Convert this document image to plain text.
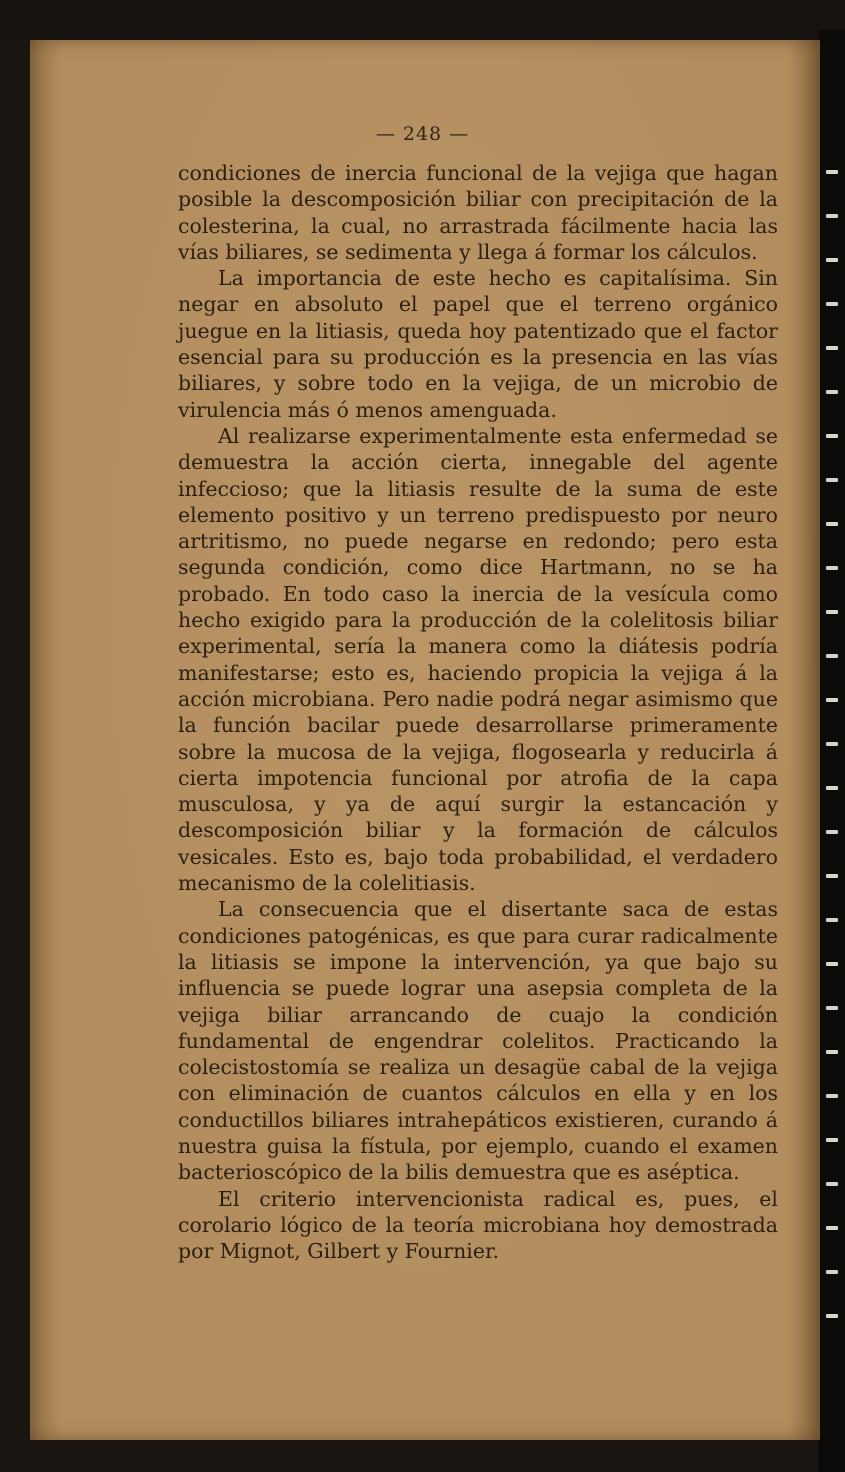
— 248 —

condiciones de inercia funcional de la vejiga que hagan posible la descomposición biliar con precipitación de la colesterina, la cual, no arrastrada fácilmente hacia las vías biliares, se sedimenta y llega á formar los cálculos.

La importancia de este hecho es capitalísima. Sin negar en absoluto el papel que el terreno orgánico juegue en la litiasis, queda hoy patentizado que el factor esencial para su producción es la presencia en las vías biliares, y sobre todo en la vejiga, de un microbio de virulencia más ó menos amenguada.

Al realizarse experimentalmente esta enfermedad se demuestra la acción cierta, innegable del agente infeccioso; que la litiasis resulte de la suma de este elemento positivo y un terreno predispuesto por neuro artritismo, no puede negarse en redondo; pero esta segunda condición, como dice Hartmann, no se ha probado. En todo caso la inercia de la vesícula como hecho exigido para la producción de la colelitosis biliar experimental, sería la manera como la diátesis podría manifestarse; esto es, haciendo propicia la vejiga á la acción microbiana. Pero nadie podrá negar asimismo que la función bacilar puede desarrollarse primeramente sobre la mucosa de la vejiga, flogosearla y reducirla á cierta impotencia funcional por atrofia de la capa musculosa, y ya de aquí surgir la estancación y descomposición biliar y la formación de cálculos vesicales. Esto es, bajo toda probabilidad, el verdadero mecanismo de la colelitiasis.

La consecuencia que el disertante saca de estas condiciones patogénicas, es que para curar radicalmente la litiasis se impone la intervención, ya que bajo su influencia se puede lograr una asepsia completa de la vejiga biliar arrancando de cuajo la condición fundamental de engendrar colelitos. Practicando la colecistostomía se realiza un desagüe cabal de la vejiga con eliminación de cuantos cálculos en ella y en los conductillos biliares intrahepáticos existieren, curando á nuestra guisa la fístula, por ejemplo, cuando el examen bacterioscópico de la bilis demuestra que es aséptica.

El criterio intervencionista radical es, pues, el corolario lógico de la teoría microbiana hoy demostrada por Mignot, Gilbert y Fournier.
